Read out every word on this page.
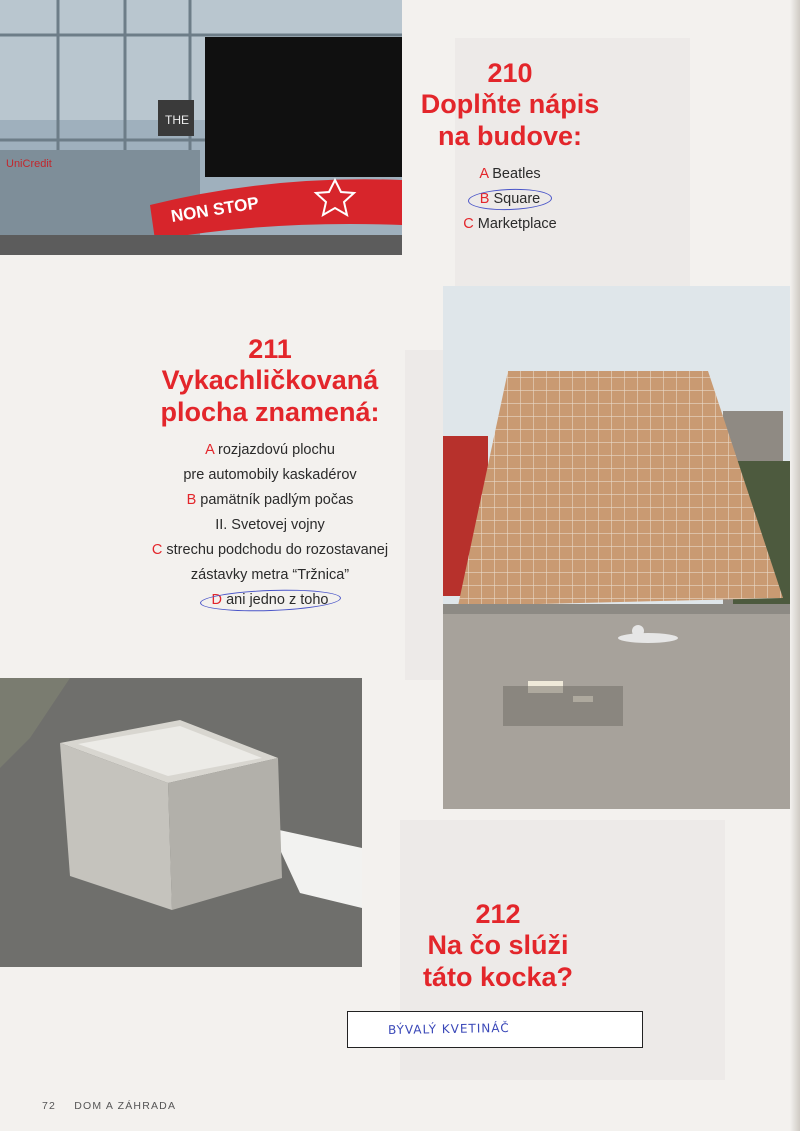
THE
UniCredit
NON STOP

210

Doplňte nápis

na budove:

A Beatles
B Square
C Marketplace

211

Vykachličkovaná

plocha znamená:

A rozjazdovú plochu
pre automobily kaskadérov
B pamätník padlým počas
II. Svetovej vojny
C strechu podchodu do rozostavanej
zástavky metra “Tržnica”
D ani jedno z toho

212

Na čo slúži

táto kocka?

BÝVALÝ KVETINÁČ
72 DOM A ZÁHRADA
